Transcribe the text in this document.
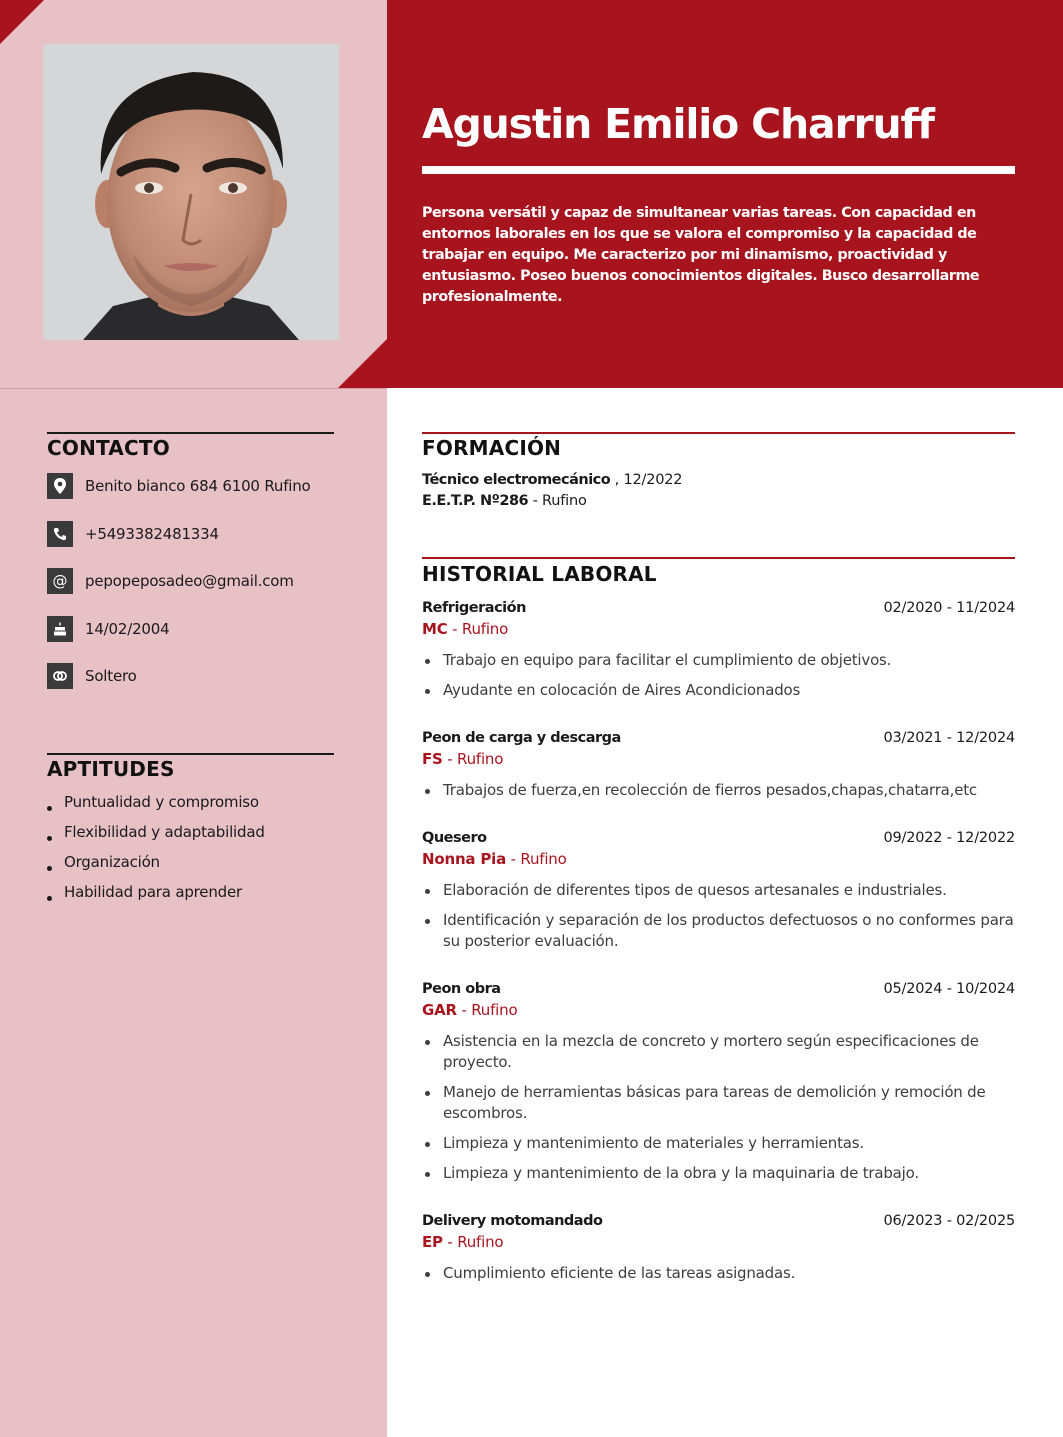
Agustin Emilio Charruff
Persona versátil y capaz de simultanear varias tareas. Con capacidad en entornos laborales en los que se valora el compromiso y la capacidad de trabajar en equipo. Me caracterizo por mi dinamismo, proactividad y entusiasmo. Poseo buenos conocimientos digitales. Busco desarrollarme profesionalmente.
CONTACTO
Benito bianco 684 6100 Rufino
+5493382481334
@	pepopeposadeo@gmail.com
14/02/2004
Soltero
APTITUDES
Puntualidad y compromiso
Flexibilidad y adaptabilidad
Organización
Habilidad para aprender
FORMACIÓN
Técnico electromecánico , 12/2022
E.E.T.P. Nº286 - Rufino
HISTORIAL LABORAL
Refrigeración	02/2020 - 11/2024
MC - Rufino
Trabajo en equipo para facilitar el cumplimiento de objetivos.
Ayudante en colocación de Aires Acondicionados
Peon de carga y descarga	03/2021 - 12/2024
FS - Rufino
Trabajos de fuerza,en recolección de fierros pesados,chapas,chatarra,etc
Quesero	09/2022 - 12/2022
Nonna Pia - Rufino
Elaboración de diferentes tipos de quesos artesanales e industriales.
Identificación y separación de los productos defectuosos o no conformes para su posterior evaluación.
Peon obra	05/2024 - 10/2024
GAR - Rufino
Asistencia en la mezcla de concreto y mortero según especificaciones de proyecto.
Manejo de herramientas básicas para tareas de demolición y remoción de escombros.
Limpieza y mantenimiento de materiales y herramientas.
Limpieza y mantenimiento de la obra y la maquinaria de trabajo.
Delivery motomandado	06/2023 - 02/2025
EP - Rufino
Cumplimiento eficiente de las tareas asignadas.
